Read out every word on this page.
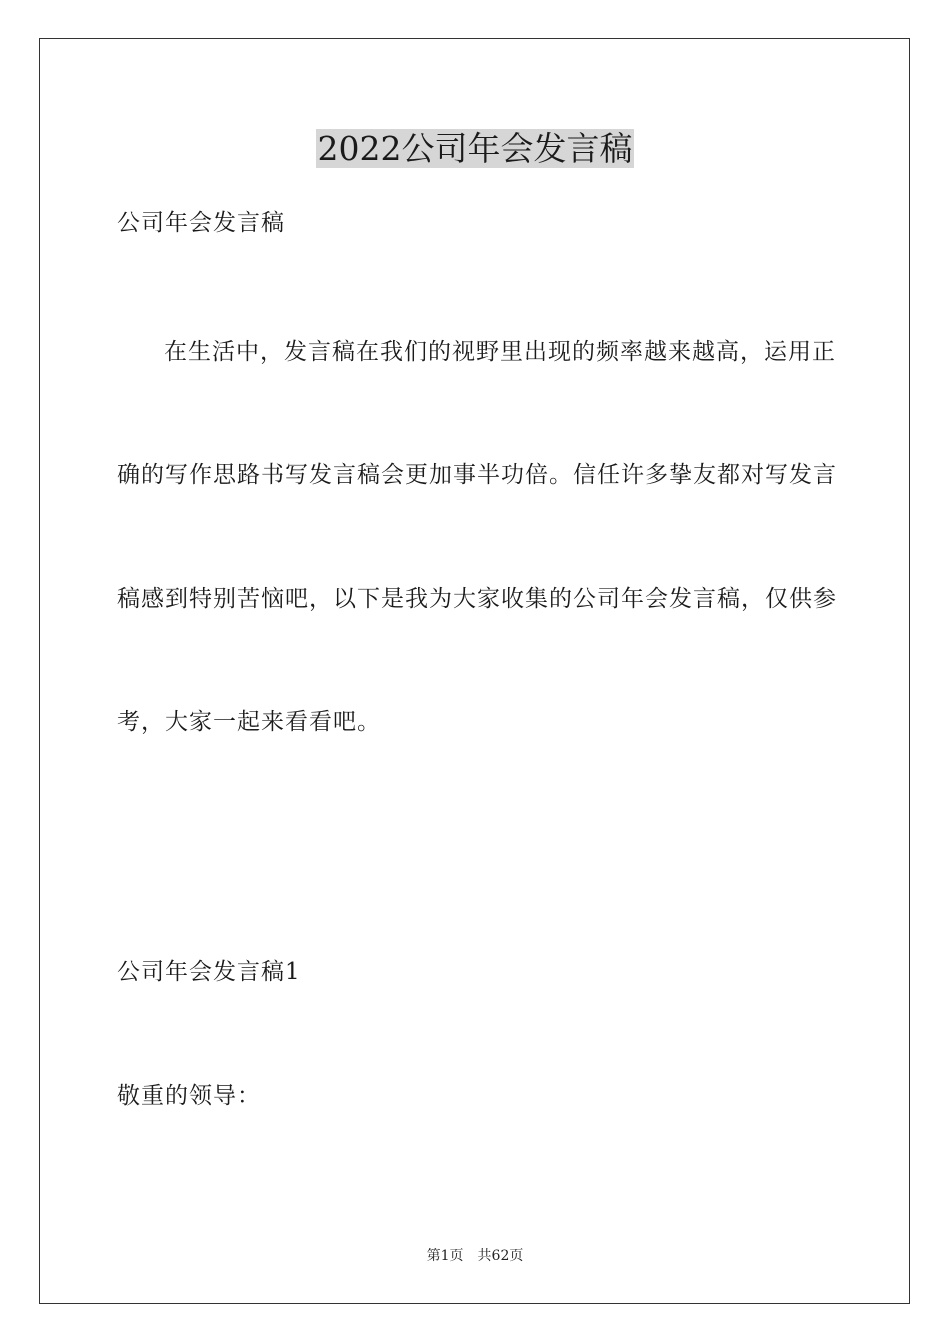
2022公司年会发言稿
公司年会发言稿
在生活中，发言稿在我们的视野里出现的频率越来越高，运用正
确的写作思路书写发言稿会更加事半功倍。信任许多挚友都对写发言
稿感到特别苦恼吧，以下是我为大家收集的公司年会发言稿，仅供参
考，大家一起来看看吧。
公司年会发言稿1
敬重的领导：
第1页 共62页
